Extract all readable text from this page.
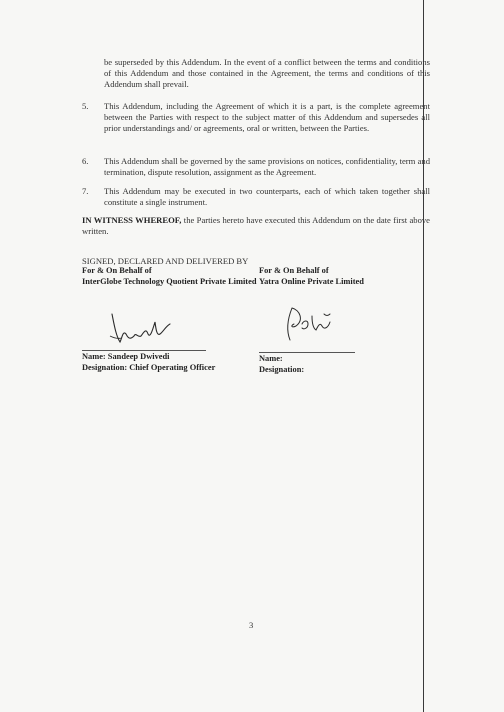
be superseded by this Addendum. In the event of a conflict between the terms and conditions of this Addendum and those contained in the Agreement, the terms and conditions of this Addendum shall prevail.

5. This Addendum, including the Agreement of which it is a part, is the complete agreement between the Parties with respect to the subject matter of this Addendum and supersedes all prior understandings and/ or agreements, oral or written, between the Parties.

6. This Addendum shall be governed by the same provisions on notices, confidentiality, term and termination, dispute resolution, assignment as the Agreement.

7. This Addendum may be executed in two counterparts, each of which taken together shall constitute a single instrument.

IN WITNESS WHEREOF, the Parties hereto have executed this Addendum on the date first above written.

SIGNED, DECLARED AND DELIVERED BY
For & On Behalf of
InterGlobe Technology Quotient Private Limited
For & On Behalf of
Yatra Online Private Limited
Name: Sandeep Dwivedi
Designation: Chief Operating Officer
Name:
Designation:
3
